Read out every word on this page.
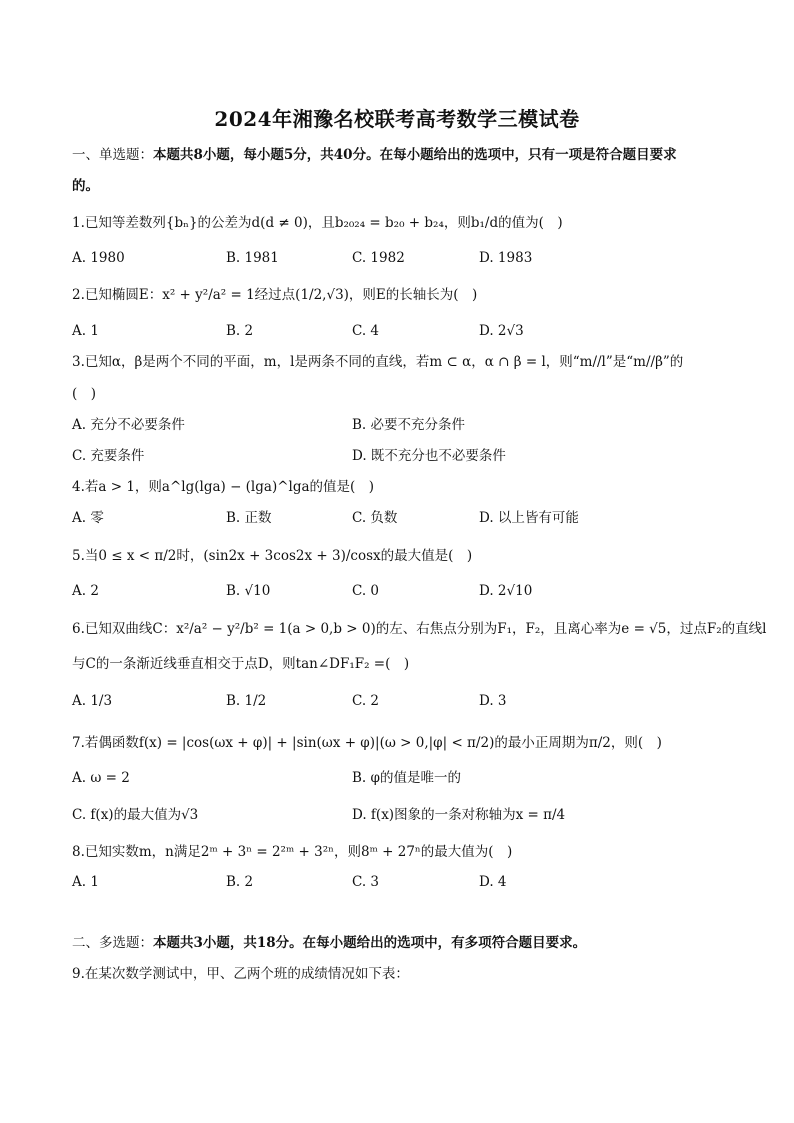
2024年湘豫名校联考高考数学三模试卷
一、单选题：本题共8小题，每小题5分，共40分。在每小题给出的选项中，只有一项是符合题目要求
的。
1.已知等差数列{bₙ}的公差为d(d ≠ 0)，且b₂₀₂₄ = b₂₀ + b₂₄，则b₁/d的值为(　)
A. 1980	B. 1981	C. 1982	D. 1983
2.已知椭圆E：x² + y²/a² = 1经过点(1/2,√3)，则E的长轴长为(　)
A. 1	B. 2	C. 4	D. 2√3
3.已知α，β是两个不同的平面，m，l是两条不同的直线，若m ⊂ α，α ∩ β = l，则“m//l”是“m//β”的
(　)
A. 充分不必要条件	B. 必要不充分条件
C. 充要条件	D. 既不充分也不必要条件
4.若a > 1，则a^lg(lga) − (lga)^lga的值是(　)
A. 零	B. 正数	C. 负数	D. 以上皆有可能
5.当0 ≤ x < π/2时，(sin2x + 3cos2x + 3)/cosx的最大值是(　)
A. 2	B. √10	C. 0	D. 2√10
6.已知双曲线C：x²/a² − y²/b² = 1(a > 0,b > 0)的左、右焦点分别为F₁，F₂，且离心率为e = √5，过点F₂的直线l
与C的一条渐近线垂直相交于点D，则tan∠DF₁F₂ =(　)
A. 1/3	B. 1/2	C. 2	D. 3
7.若偶函数f(x) = |cos(ωx + φ)| + |sin(ωx + φ)|(ω > 0,|φ| < π/2)的最小正周期为π/2，则(　)
A. ω = 2	B. φ的值是唯一的
C. f(x)的最大值为√3	D. f(x)图象的一条对称轴为x = π/4
8.已知实数m，n满足2ᵐ + 3ⁿ = 2²ᵐ + 3²ⁿ，则8ᵐ + 27ⁿ的最大值为(　)
A. 1	B. 2	C. 3	D. 4
二、多选题：本题共3小题，共18分。在每小题给出的选项中，有多项符合题目要求。
9.在某次数学测试中，甲、乙两个班的成绩情况如下表：
